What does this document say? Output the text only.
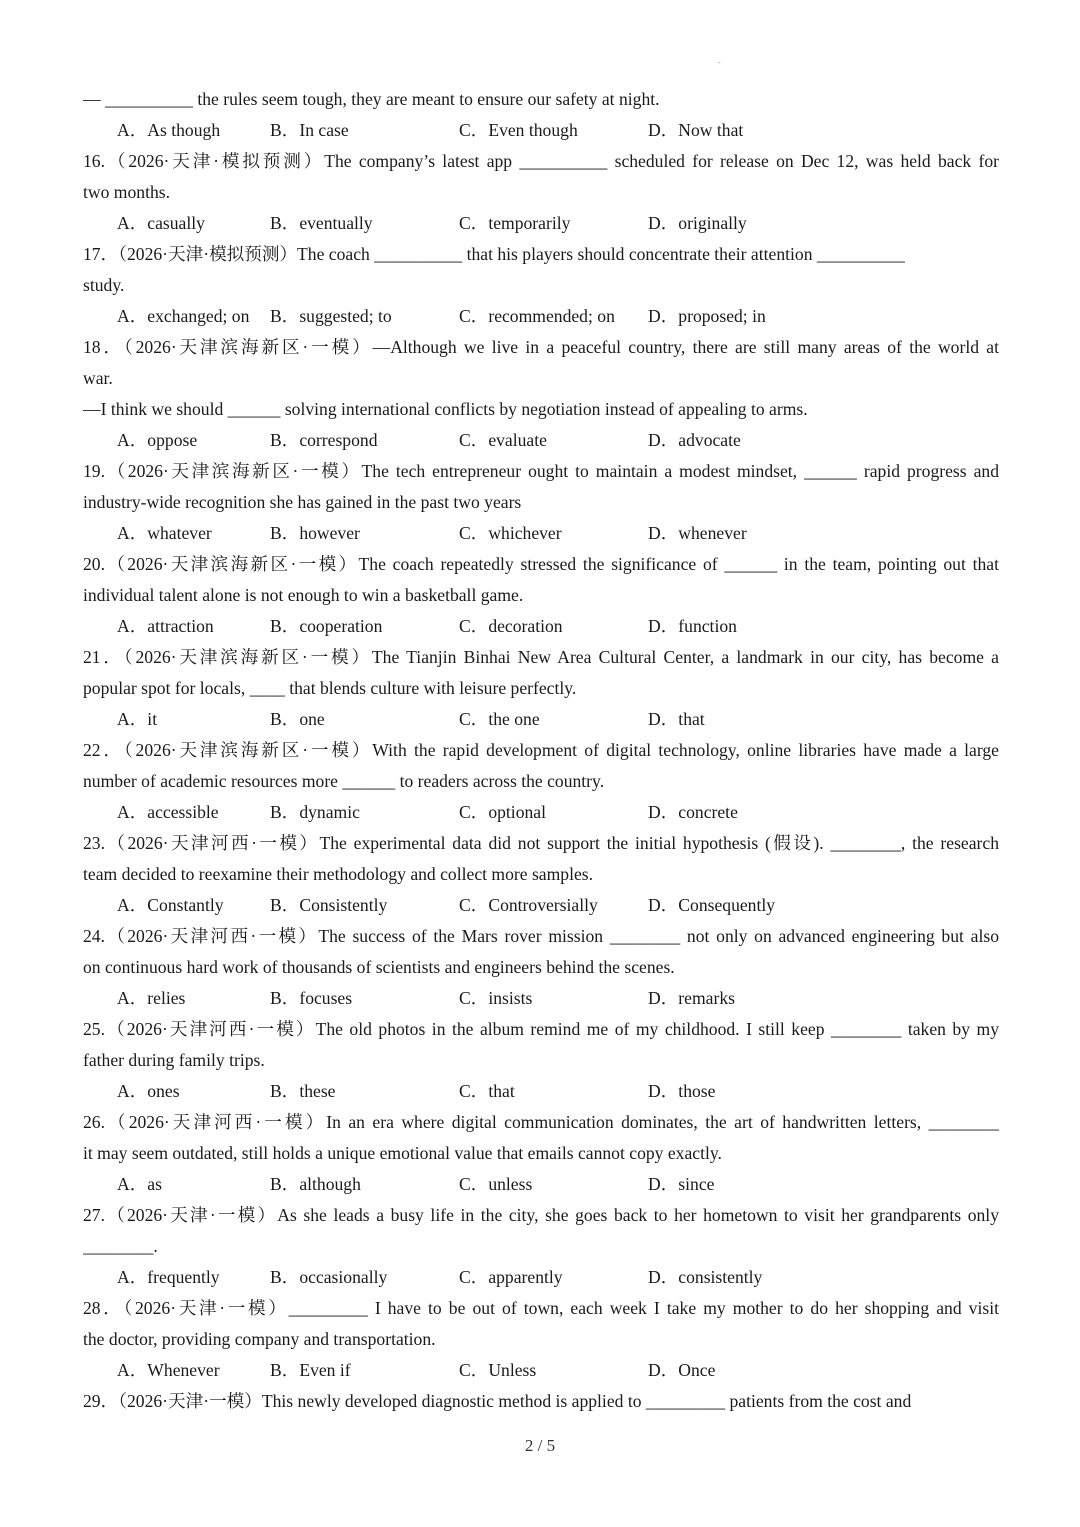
-
— __________ the rules seem tough, they are meant to ensure our safety at night.
A．As though	B．In case	C．Even though	D．Now that
16.（2026·天津·模拟预测）The company’s latest app __________ scheduled for release on Dec 12, was held back for
two months.
A．casually	B．eventually	C．temporarily	D．originally
17．（2026·天津·模拟预测）The coach __________ that his players should concentrate their attention __________
study.
A．exchanged; on B．suggested; to	C．recommended; on D．proposed; in
18．（2026·天津滨海新区·一模）—Although we live in a peaceful country, there are still many areas of the world at
war.
—I think we should ______ solving international conflicts by negotiation instead of appealing to arms.
A．oppose	B．correspond	C．evaluate	D．advocate
19.（2026·天津滨海新区·一模）The tech entrepreneur ought to maintain a modest mindset, ______ rapid progress and
industry-wide recognition she has gained in the past two years
A．whatever	B．however	C．whichever	D．whenever
20.（2026·天津滨海新区·一模）The coach repeatedly stressed the significance of ______ in the team, pointing out that
individual talent alone is not enough to win a basketball game.
A．attraction	B．cooperation	C．decoration	D．function
21．（2026·天津滨海新区·一模）The Tianjin Binhai New Area Cultural Center, a landmark in our city, has become a
popular spot for locals, ____ that blends culture with leisure perfectly.
A．it	B．one	C．the one	D．that
22．（2026·天津滨海新区·一模）With the rapid development of digital technology, online libraries have made a large
number of academic resources more ______ to readers across the country.
A．accessible	B．dynamic	C．optional	D．concrete
23.（2026·天津河西·一模）The experimental data did not support the initial hypothesis (假设). ________, the research
team decided to reexamine their methodology and collect more samples.
A．Constantly	B．Consistently	C．Controversially	D．Consequently
24.（2026·天津河西·一模）The success of the Mars rover mission ________ not only on advanced engineering but also
on continuous hard work of thousands of scientists and engineers behind the scenes.
A．relies	B．focuses	C．insists	D．remarks
25.（2026·天津河西·一模）The old photos in the album remind me of my childhood. I still keep ________ taken by my
father during family trips.
A．ones	B．these	C．that	D．those
26.（2026·天津河西·一模）In an era where digital communication dominates, the art of handwritten letters, ________
it may seem outdated, still holds a unique emotional value that emails cannot copy exactly.
A．as	B．although	C．unless	D．since
27.（2026·天津·一模）As she leads a busy life in the city, she goes back to her hometown to visit her grandparents only
________.
A．frequently	B．occasionally	C．apparently	D．consistently
28．（2026·天津·一模）_________ I have to be out of town, each week I take my mother to do her shopping and visit
the doctor, providing company and transportation.
A．Whenever	B．Even if	C．Unless	D．Once
29．（2026·天津·一模）This newly developed diagnostic method is applied to _________ patients from the cost and
2 / 5
